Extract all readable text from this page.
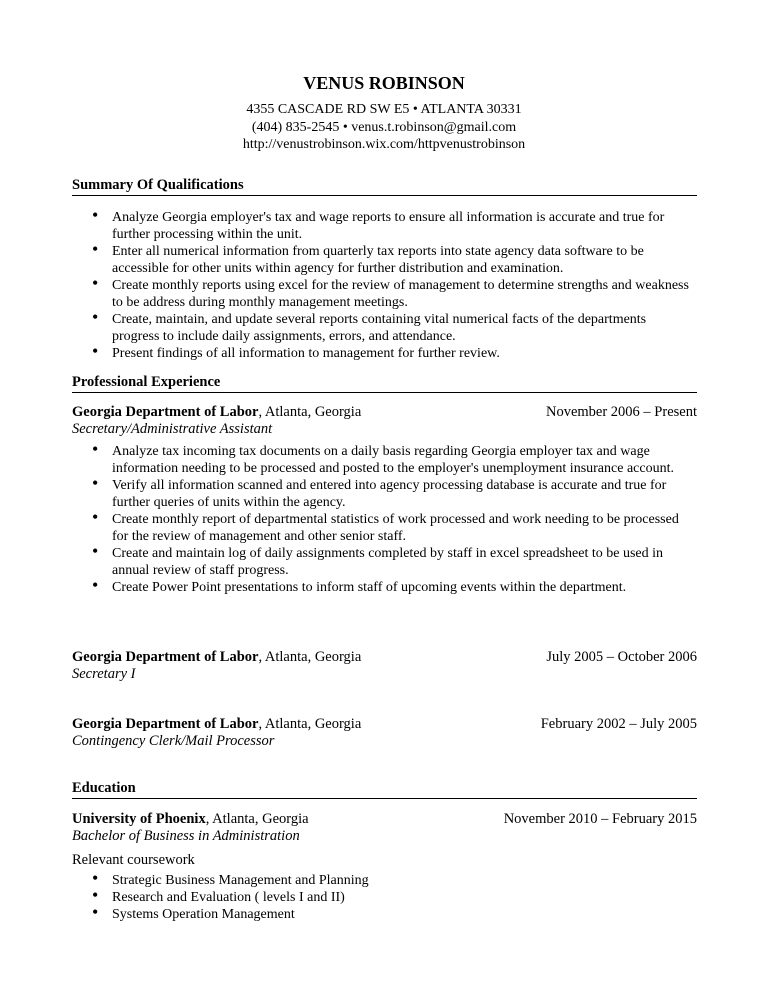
VENUS ROBINSON
4355 CASCADE RD SW E5 • ATLANTA 30331
(404) 835-2545 • venus.t.robinson@gmail.com
http://venustrobinson.wix.com/httpvenustrobinson
Summary Of Qualifications
• Analyze Georgia employer's tax and wage reports to ensure all information is accurate and true for further processing within the unit.
• Enter all numerical information from quarterly tax reports into state agency data software to be accessible for other units within agency for further distribution and examination.
• Create monthly reports using excel for the review of management to determine strengths and weakness to be address during monthly management meetings.
• Create, maintain, and update several reports containing vital numerical facts of the departments progress to include daily assignments, errors, and attendance.
• Present findings of all information to management for further review.
Professional Experience
Georgia Department of Labor, Atlanta, Georgia	November 2006 – Present
Secretary/Administrative Assistant
• Analyze tax incoming tax documents on a daily basis regarding Georgia employer tax and wage information needing to be processed and posted to the employer's unemployment insurance account.
• Verify all information scanned and entered into agency processing database is accurate and true for further queries of units within the agency.
• Create monthly report of departmental statistics of work processed and work needing to be processed for the review of management and other senior staff.
• Create and maintain log of daily assignments completed by staff in excel spreadsheet to be used in annual review of staff progress.
• Create Power Point presentations to inform staff of upcoming events within the department.
Georgia Department of Labor, Atlanta, Georgia	July 2005 – October 2006
Secretary I
Georgia Department of Labor, Atlanta, Georgia	February 2002 – July 2005
Contingency Clerk/Mail Processor
Education
University of Phoenix, Atlanta, Georgia	November 2010 – February 2015
Bachelor of Business in Administration
Relevant coursework
• Strategic Business Management and Planning
• Research and Evaluation ( levels I and II)
• Systems Operation Management
